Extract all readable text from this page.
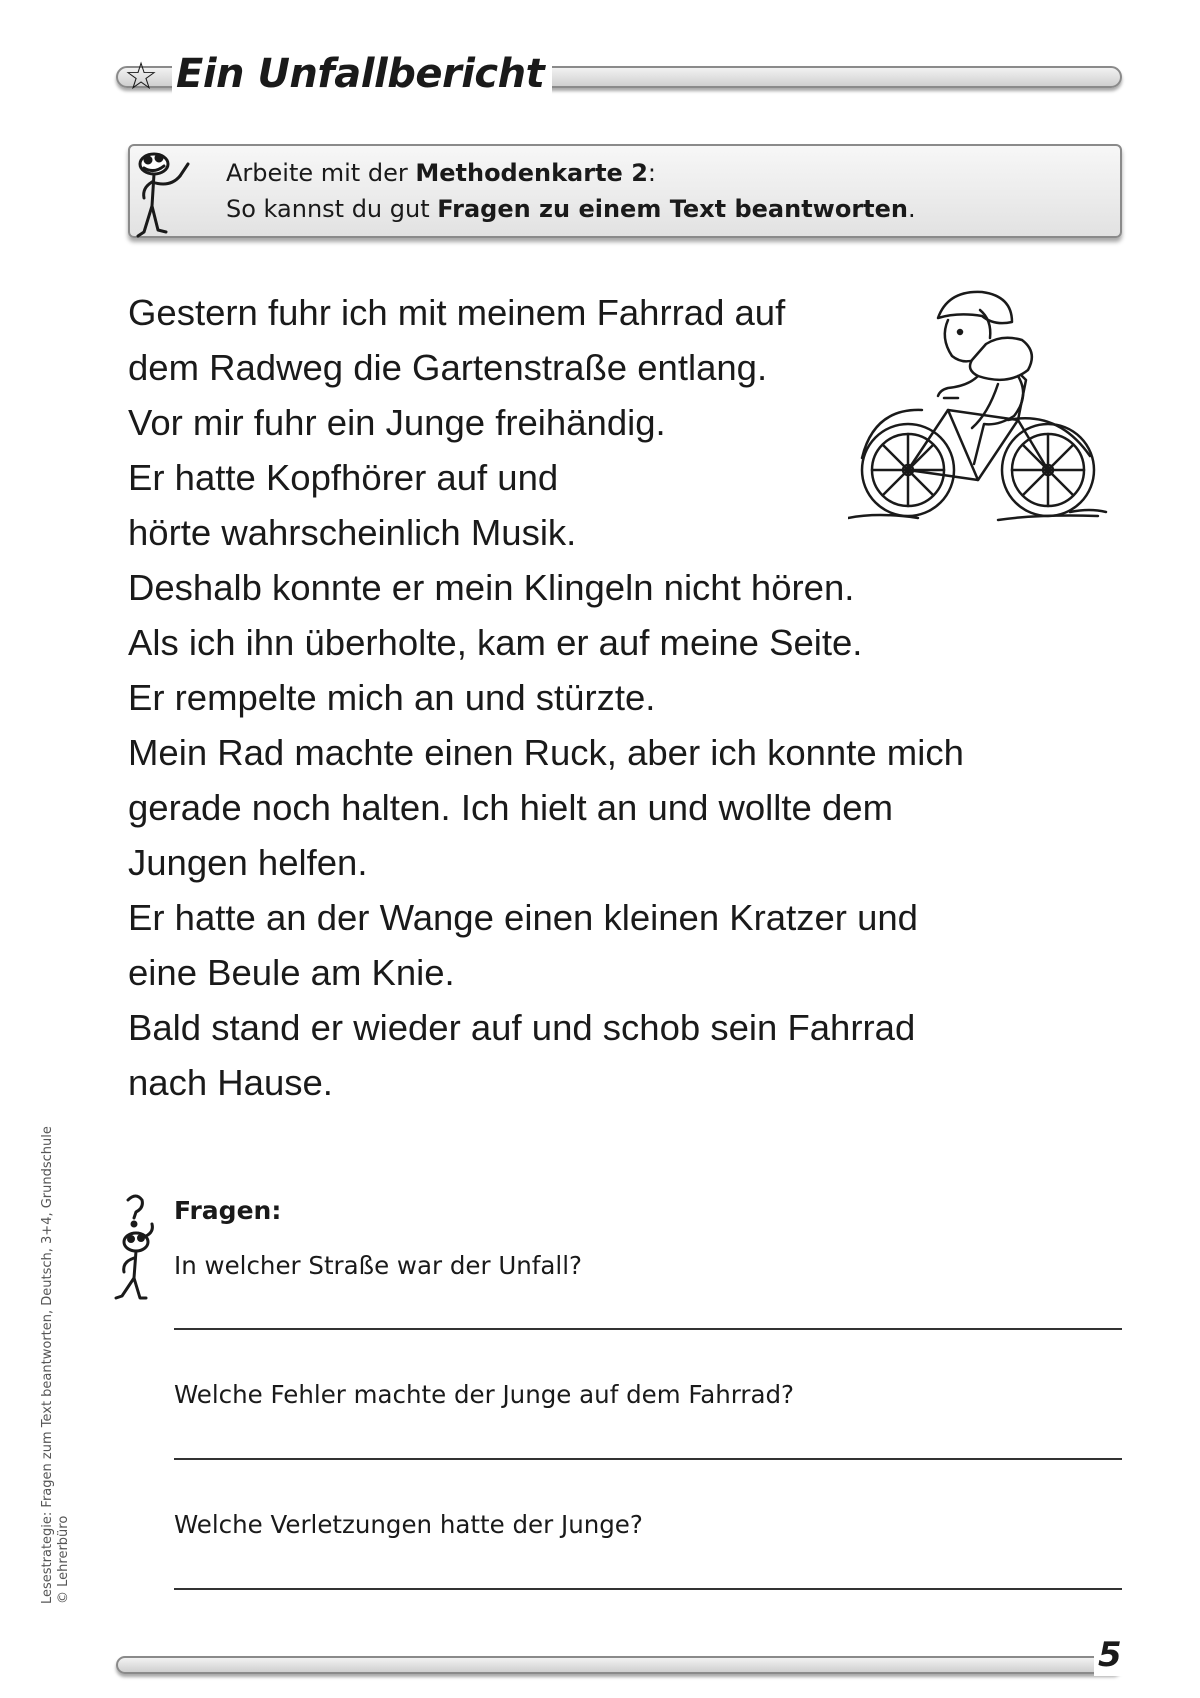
Ein Unfallbericht
☆
Arbeite mit der Methodenkarte 2:
So kannst du gut Fragen zu einem Text beantworten.
Gestern fuhr ich mit meinem Fahrrad auf
dem Radweg die Gartenstraße entlang.
Vor mir fuhr ein Junge freihändig.
Er hatte Kopfhörer auf und
hörte wahrscheinlich Musik.
Deshalb konnte er mein Klingeln nicht hören.
Als ich ihn überholte, kam er auf meine Seite.
Er rempelte mich an und stürzte.
Mein Rad machte einen Ruck, aber ich konnte mich
gerade noch halten. Ich hielt an und wollte dem
Jungen helfen.
Er hatte an der Wange einen kleinen Kratzer und
eine Beule am Knie.
Bald stand er wieder auf und schob sein Fahrrad
nach Hause.
Lesestrategie: Fragen zum Text beantworten, Deutsch, 3+4, Grundschule © Lehrerbüro
Fragen:
In welcher Straße war der Unfall?
Welche Fehler machte der Junge auf dem Fahrrad?
Welche Verletzungen hatte der Junge?
5
